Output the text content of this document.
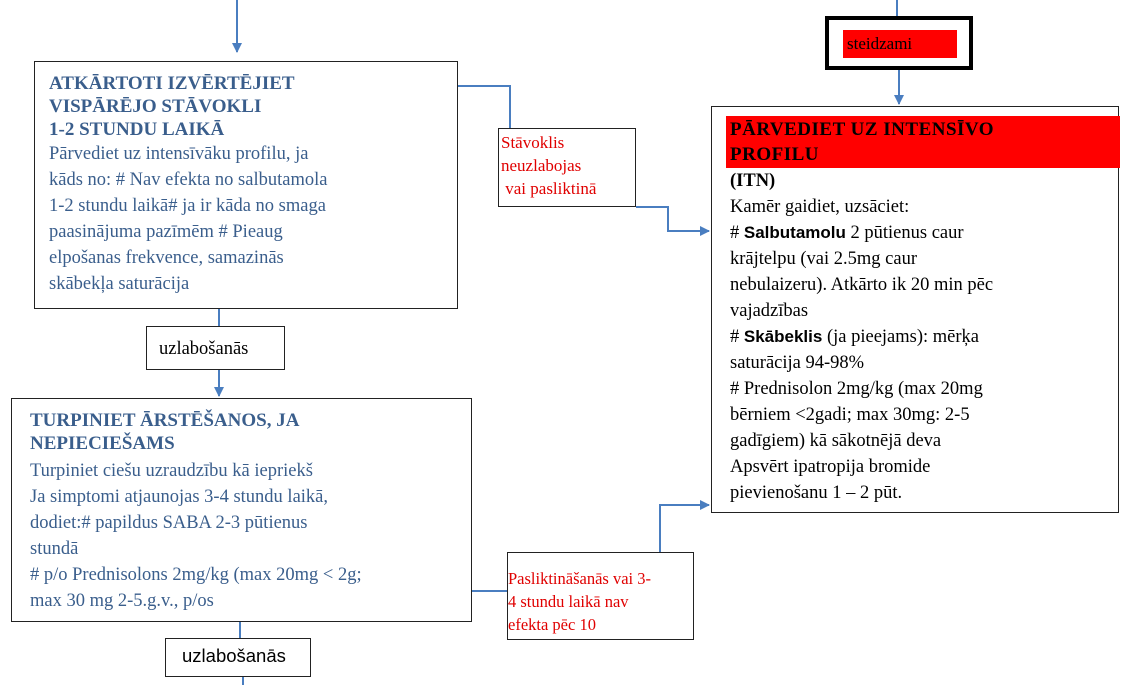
ATKĀRTOTI IZVĒRTĒJIET
VISPĀRĒJO STĀVOKLI
1-2 STUNDU LAIKĀ
Pārvediet uz intensīvāku profilu, ja
kāds no: # Nav efekta no salbutamola
1-2 stundu laikā# ja ir kāda no smaga
paasinājuma pazīmēm # Pieaug
elpošanas frekvence, samazinās
skābekļa saturācija
uzlabošanās
TURPINIET ĀRSTĒŠANOS, JA
NEPIECIEŠAMS
Turpiniet ciešu uzraudzību kā iepriekš
Ja simptomi atjaunojas 3-4 stundu laikā,
dodiet:# papildus SABA 2-3 pūtienus
stundā
# p/o Prednisolons 2mg/kg (max 20mg < 2g;
max 30 mg 2-5.g.v., p/os
uzlabošanās
Stāvoklis
neuzlabojas
vai pasliktinā
Pasliktināšanās vai 3-
4 stundu laikā nav
efekta pēc 10
steidzami
PĀRVEDIET UZ INTENSĪVO
PROFILU
(ITN)
Kamēr gaidiet, uzsāciet:
# Salbutamolu 2 pūtienus caur
krājtelpu (vai 2.5mg caur
nebulaizeru). Atkārto ik 20 min pēc
vajadzības
# Skābeklis (ja pieejams): mērķa
saturācija 94-98%
# Prednisolon 2mg/kg (max 20mg
bērniem <2gadi; max 30mg: 2-5
gadīgiem) kā sākotnējā deva
Apsvērt ipatropija bromide
pievienošanu 1 – 2 pūt.
